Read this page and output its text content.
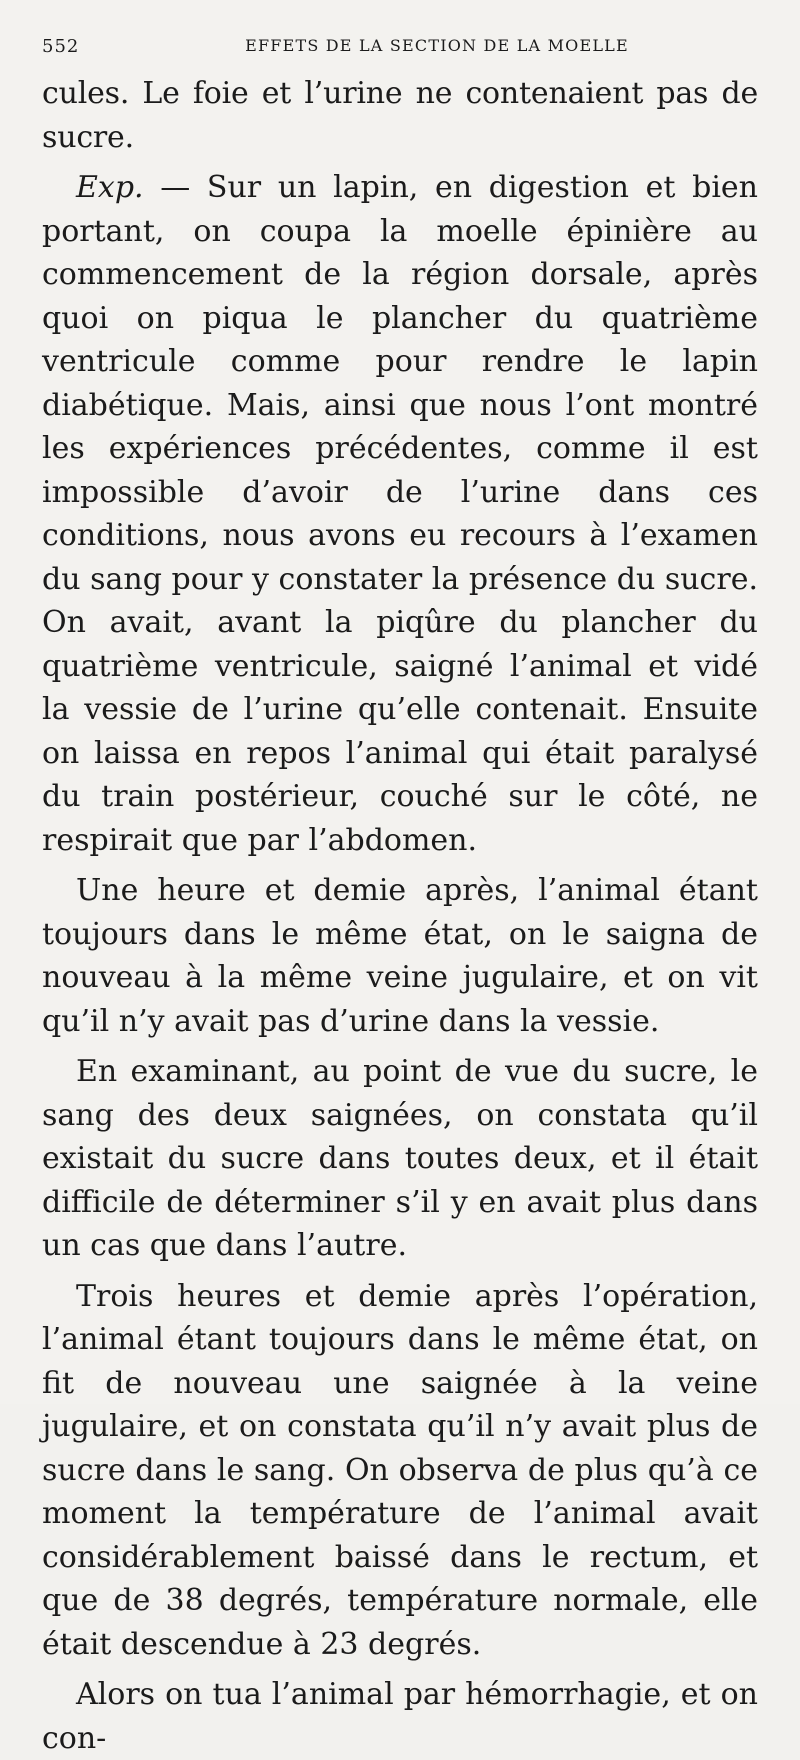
552	EFFETS DE LA SECTION DE LA MOELLE

cules. Le foie et l’urine ne contenaient pas de sucre.

Exp. — Sur un lapin, en digestion et bien portant, on coupa la moelle épinière au commencement de la région dorsale, après quoi on piqua le plancher du quatrième ventricule comme pour rendre le lapin diabétique. Mais, ainsi que nous l’ont montré les expériences précédentes, comme il est impossible d’avoir de l’urine dans ces conditions, nous avons eu recours à l’examen du sang pour y constater la présence du sucre. On avait, avant la piqûre du plancher du quatrième ventricule, saigné l’animal et vidé la vessie de l’urine qu’elle contenait. Ensuite on laissa en repos l’animal qui était paralysé du train postérieur, couché sur le côté, ne respirait que par l’abdomen.

Une heure et demie après, l’animal étant toujours dans le même état, on le saigna de nouveau à la même veine jugulaire, et on vit qu’il n’y avait pas d’urine dans la vessie.

En examinant, au point de vue du sucre, le sang des deux saignées, on constata qu’il existait du sucre dans toutes deux, et il était difficile de déterminer s’il y en avait plus dans un cas que dans l’autre.

Trois heures et demie après l’opération, l’animal étant toujours dans le même état, on fit de nouveau une saignée à la veine jugulaire, et on constata qu’il n’y avait plus de sucre dans le sang. On observa de plus qu’à ce moment la température de l’animal avait considérablement baissé dans le rectum, et que de 38 degrés, température normale, elle était descendue à 23 degrés.

Alors on tua l’animal par hémorrhagie, et on con-
